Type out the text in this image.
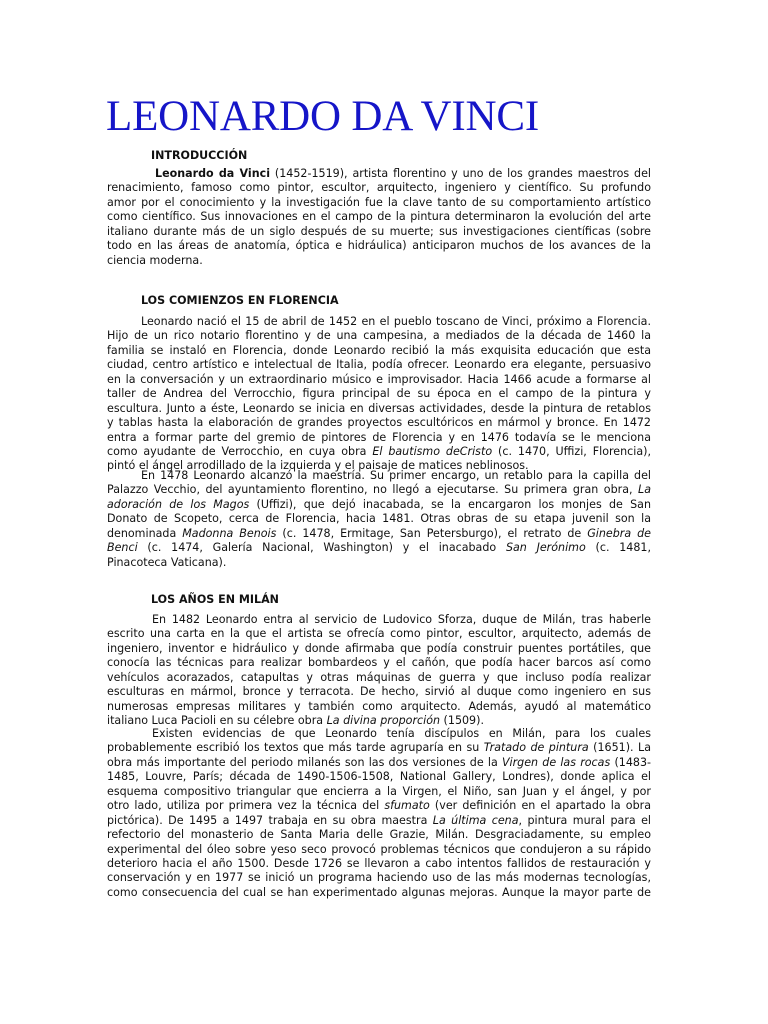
LEONARDO DA VINCI
INTRODUCCIÓN
Leonardo da Vinci (1452-1519), artista florentino y uno de los grandes maestros del
renacimiento, famoso como pintor, escultor, arquitecto, ingeniero y científico. Su profundo
amor por el conocimiento y la investigación fue la clave tanto de su comportamiento artístico
como científico. Sus innovaciones en el campo de la pintura determinaron la evolución del arte
italiano durante más de un siglo después de su muerte; sus investigaciones científicas (sobre
todo en las áreas de anatomía, óptica e hidráulica) anticiparon muchos de los avances de la
ciencia moderna.
LOS COMIENZOS EN FLORENCIA
Leonardo nació el 15 de abril de 1452 en el pueblo toscano de Vinci, próximo a Florencia.
Hijo de un rico notario florentino y de una campesina, a mediados de la década de 1460 la
familia se instaló en Florencia, donde Leonardo recibió la más exquisita educación que esta
ciudad, centro artístico e intelectual de Italia, podía ofrecer. Leonardo era elegante, persuasivo
en la conversación y un extraordinario músico e improvisador. Hacia 1466 acude a formarse al
taller de Andrea del Verrocchio, figura principal de su época en el campo de la pintura y
escultura. Junto a éste, Leonardo se inicia en diversas actividades, desde la pintura de retablos
y tablas hasta la elaboración de grandes proyectos escultóricos en mármol y bronce. En 1472
entra a formar parte del gremio de pintores de Florencia y en 1476 todavía se le menciona
como ayudante de Verrocchio, en cuya obra El bautismo deCristo (c. 1470, Uffizi, Florencia),
pintó el ángel arrodillado de la izquierda y el paisaje de matices neblinosos.
En 1478 Leonardo alcanzó la maestría. Su primer encargo, un retablo para la capilla del
Palazzo Vecchio, del ayuntamiento florentino, no llegó a ejecutarse. Su primera gran obra, La
adoración de los Magos (Uffizi), que dejó inacabada, se la encargaron los monjes de San
Donato de Scopeto, cerca de Florencia, hacia 1481. Otras obras de su etapa juvenil son la
denominada Madonna Benois (c. 1478, Ermitage, San Petersburgo), el retrato de Ginebra de
Benci (c. 1474, Galería Nacional, Washington) y el inacabado San Jerónimo (c. 1481,
Pinacoteca Vaticana).
LOS AÑOS EN MILÁN
En 1482 Leonardo entra al servicio de Ludovico Sforza, duque de Milán, tras haberle
escrito una carta en la que el artista se ofrecía como pintor, escultor, arquitecto, además de
ingeniero, inventor e hidráulico y donde afirmaba que podía construir puentes portátiles, que
conocía las técnicas para realizar bombardeos y el cañón, que podía hacer barcos así como
vehículos acorazados, catapultas y otras máquinas de guerra y que incluso podía realizar
esculturas en mármol, bronce y terracota. De hecho, sirvió al duque como ingeniero en sus
numerosas empresas militares y también como arquitecto. Además, ayudó al matemático
italiano Luca Pacioli en su célebre obra La divina proporción (1509).
Existen evidencias de que Leonardo tenía discípulos en Milán, para los cuales
probablemente escribió los textos que más tarde agruparía en su Tratado de pintura (1651). La
obra más importante del periodo milanés son las dos versiones de la Virgen de las rocas (1483-
1485, Louvre, París; década de 1490-1506-1508, National Gallery, Londres), donde aplica el
esquema compositivo triangular que encierra a la Virgen, el Niño, san Juan y el ángel, y por
otro lado, utiliza por primera vez la técnica del sfumato (ver definición en el apartado la obra
pictórica). De 1495 a 1497 trabaja en su obra maestra La última cena, pintura mural para el
refectorio del monasterio de Santa Maria delle Grazie, Milán. Desgraciadamente, su empleo
experimental del óleo sobre yeso seco provocó problemas técnicos que condujeron a su rápido
deterioro hacia el año 1500. Desde 1726 se llevaron a cabo intentos fallidos de restauración y
conservación y en 1977 se inició un programa haciendo uso de las más modernas tecnologías,
como consecuencia del cual se han experimentado algunas mejoras. Aunque la mayor parte de
